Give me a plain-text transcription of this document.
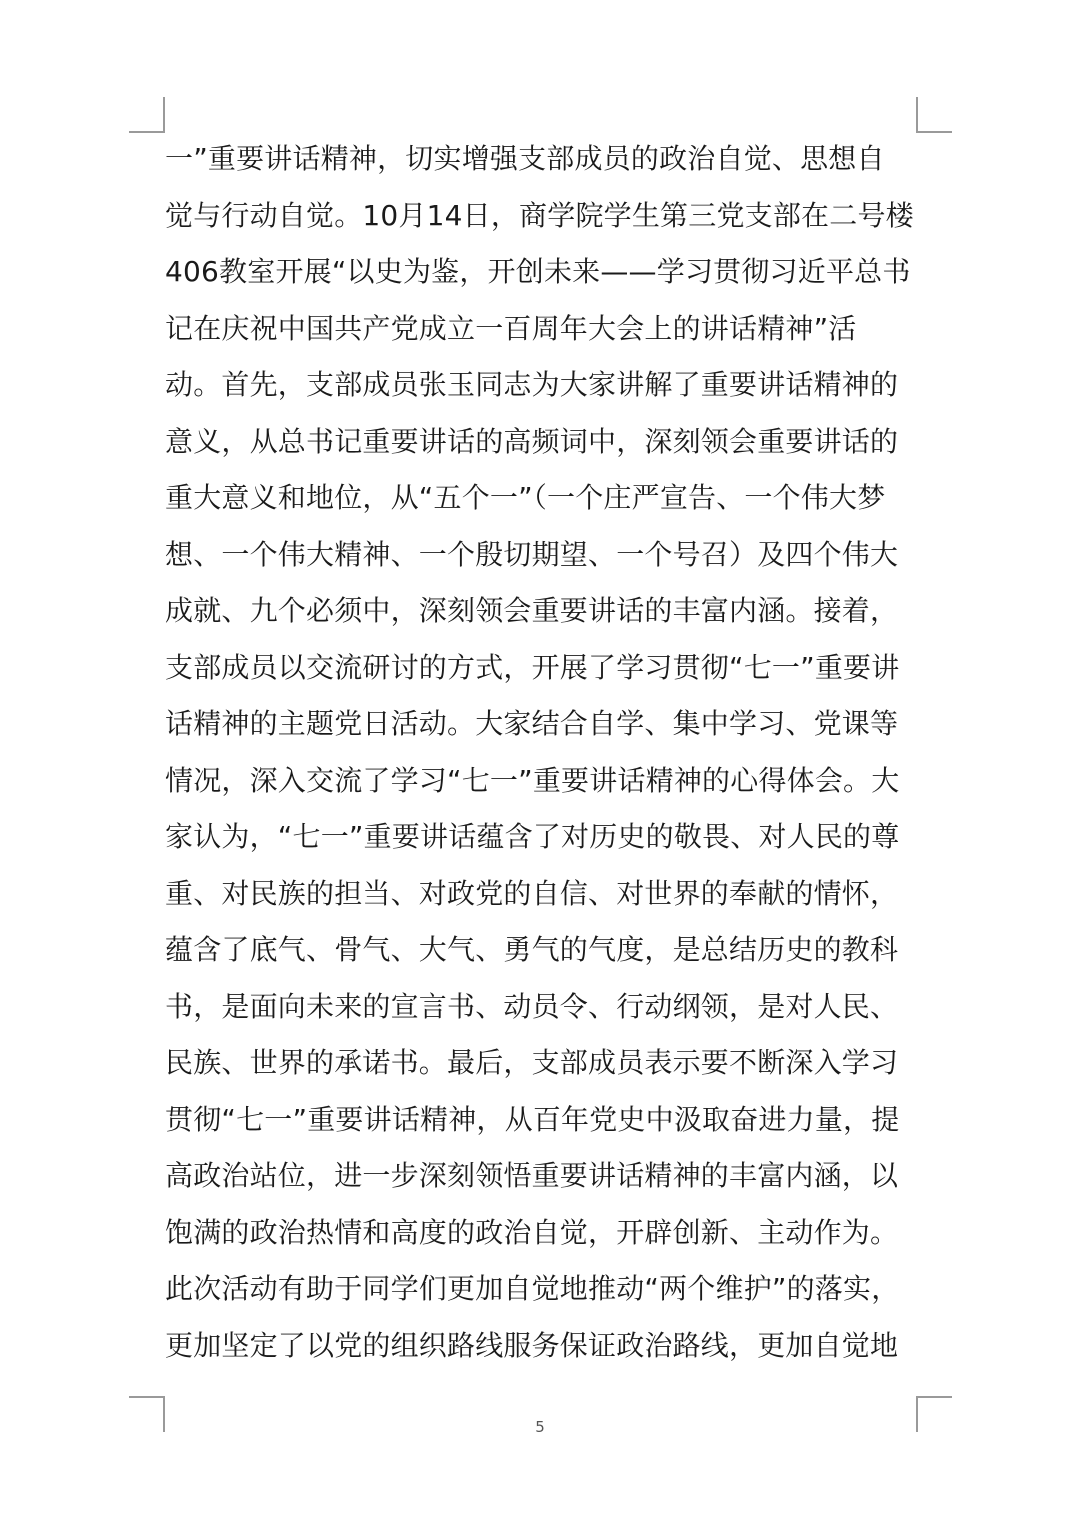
一”重要讲话精神，切实增强支部成员的政治自觉、思想自
觉与行动自觉。10月14日，商学院学生第三党支部在二号楼
406教室开展“以史为鉴，开创未来——学习贯彻习近平总书
记在庆祝中国共产党成立一百周年大会上的讲话精神”活
动。首先，支部成员张玉同志为大家讲解了重要讲话精神的
意义，从总书记重要讲话的高频词中，深刻领会重要讲话的
重大意义和地位，从“五个一”（一个庄严宣告、一个伟大梦
想、一个伟大精神、一个殷切期望、一个号召）及四个伟大
成就、九个必须中，深刻领会重要讲话的丰富内涵。接着，
支部成员以交流研讨的方式，开展了学习贯彻“七一”重要讲
话精神的主题党日活动。大家结合自学、集中学习、党课等
情况，深入交流了学习“七一”重要讲话精神的心得体会。大
家认为，“七一”重要讲话蕴含了对历史的敬畏、对人民的尊
重、对民族的担当、对政党的自信、对世界的奉献的情怀，
蕴含了底气、骨气、大气、勇气的气度，是总结历史的教科
书，是面向未来的宣言书、动员令、行动纲领，是对人民、
民族、世界的承诺书。最后，支部成员表示要不断深入学习
贯彻“七一”重要讲话精神，从百年党史中汲取奋进力量，提
高政治站位，进一步深刻领悟重要讲话精神的丰富内涵，以
饱满的政治热情和高度的政治自觉，开辟创新、主动作为。
此次活动有助于同学们更加自觉地推动“两个维护”的落实，
更加坚定了以党的组织路线服务保证政治路线，更加自觉地
5
